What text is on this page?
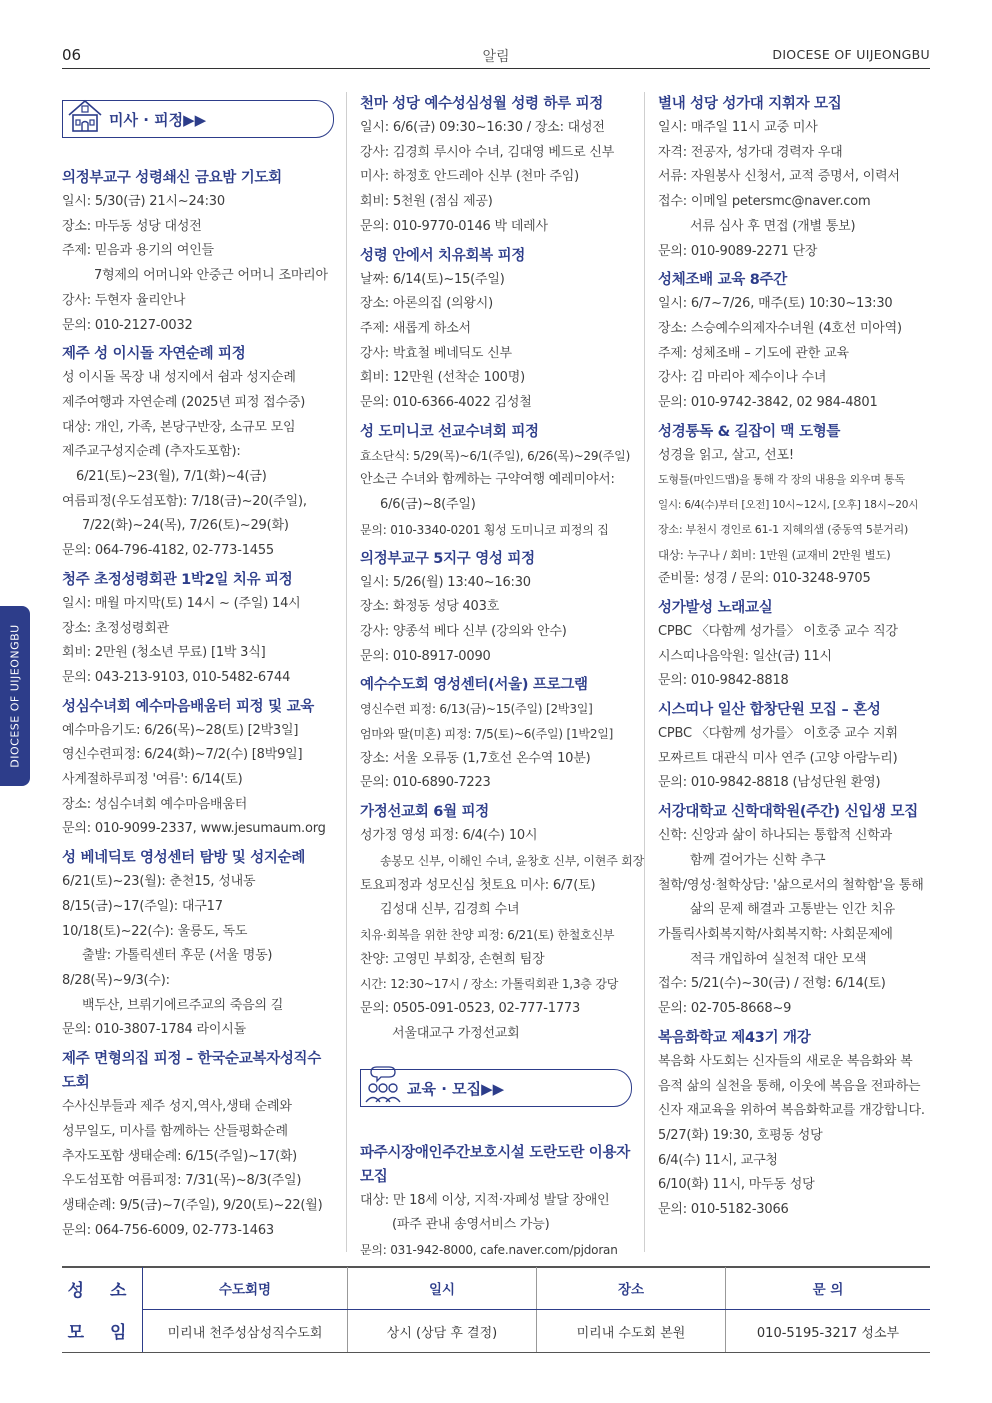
06	알림	DIOCESE OF UIJEONGBU
DIOCESE OF UIJEONGBU
미사 · 피정▶▶
의정부교구 성령쇄신 금요밤 기도회
일시: 5/30(금) 21시~24:30
장소: 마두동 성당 대성전
주제: 믿음과 용기의 여인들
7형제의 어머니와 안중근 어머니 조마리아
강사: 두현자 율리안나
문의: 010-2127-0032
제주 성 이시돌 자연순례 피정
성 이시돌 목장 내 성지에서 쉼과 성지순례
제주여행과 자연순례 (2025년 피정 접수중)
대상: 개인, 가족, 본당구반장, 소규모 모임
제주교구성지순례 (추자도포함):
6/21(토)~23(월), 7/1(화)~4(금)
여름피정(우도섬포함): 7/18(금)~20(주일),
7/22(화)~24(목), 7/26(토)~29(화)
문의: 064-796-4182, 02-773-1455
청주 초정성령회관 1박2일 치유 피정
일시: 매월 마지막(토) 14시 ~ (주일) 14시
장소: 초정성령회관
회비: 2만원 (청소년 무료) [1박 3식]
문의: 043-213-9103, 010-5482-6744
성심수녀회 예수마음배움터 피정 및 교육
예수마음기도: 6/26(목)~28(토) [2박3일]
영신수련피정: 6/24(화)~7/2(수) [8박9일]
사계절하루피정 '여름': 6/14(토)
장소: 성심수녀회 예수마음배움터
문의: 010-9099-2337, www.jesumaum.org
성 베네딕토 영성센터 탐방 및 성지순례
6/21(토)~23(월): 춘천15, 성내동
8/15(금)~17(주일): 대구17
10/18(토)~22(수): 울릉도, 독도
출발: 가톨릭센터 후문 (서울 명동)
8/28(목)~9/3(수):
백두산, 브뤼기에르주교의 죽음의 길
문의: 010-3807-1784 라이시돌
제주 면형의집 피정 – 한국순교복자성직수도회
수사신부들과 제주 성지,역사,생태 순례와
성무일도, 미사를 함께하는 산들평화순례
추자도포함 생태순례: 6/15(주일)~17(화)
우도섬포함 여름피정: 7/31(목)~8/3(주일)
생태순례: 9/5(금)~7(주일), 9/20(토)~22(월)
문의: 064-756-6009, 02-773-1463
천마 성당 예수성심성월 성령 하루 피정
일시: 6/6(금) 09:30~16:30 / 장소: 대성전
강사: 김경희 루시아 수녀, 김대영 베드로 신부
미사: 하정호 안드레아 신부 (천마 주임)
회비: 5천원 (점심 제공)
문의: 010-9770-0146 박 데레사
성령 안에서 치유회복 피정
날짜: 6/14(토)~15(주일)
장소: 아론의집 (의왕시)
주제: 새롭게 하소서
강사: 박효철 베네딕도 신부
회비: 12만원 (선착순 100명)
문의: 010-6366-4022 김성철
성 도미니코 선교수녀회 피정
효소단식: 5/29(목)~6/1(주일), 6/26(목)~29(주일)
안소근 수녀와 함께하는 구약여행 예레미야서:
6/6(금)~8(주일)
문의: 010-3340-0201 횡성 도미니코 피정의 집
의정부교구 5지구 영성 피정
일시: 5/26(월) 13:40~16:30
장소: 화정동 성당 403호
강사: 양종석 베다 신부 (강의와 안수)
문의: 010-8917-0090
예수수도회 영성센터(서울) 프로그램
영신수련 피정: 6/13(금)~15(주일) [2박3일]
엄마와 딸(미혼) 피정: 7/5(토)~6(주일) [1박2일]
장소: 서울 오류동 (1,7호선 온수역 10분)
문의: 010-6890-7223
가정선교회 6월 피정
성가정 영성 피정: 6/4(수) 10시
송봉모 신부, 이해인 수녀, 윤창호 신부, 이현주 회장
토요피정과 성모신심 첫토요 미사: 6/7(토)
김성대 신부, 김경희 수녀
치유·회복을 위한 찬양 피정: 6/21(토) 한철호신부
찬양: 고영민 부회장, 손현희 팀장
시간: 12:30~17시 / 장소: 가톨릭회관 1,3층 강당
문의: 0505-091-0523, 02-777-1773
서울대교구 가정선교회
교육 · 모집▶▶
파주시장애인주간보호시설 도란도란 이용자 모집
대상: 만 18세 이상, 지적·자폐성 발달 장애인
(파주 관내 송영서비스 가능)
문의: 031-942-8000, cafe.naver.com/pjdoran
별내 성당 성가대 지휘자 모집
일시: 매주일 11시 교중 미사
자격: 전공자, 성가대 경력자 우대
서류: 자원봉사 신청서, 교적 증명서, 이력서
접수: 이메일 petersmc@naver.com
서류 심사 후 면접 (개별 통보)
문의: 010-9089-2271 단장
성체조배 교육 8주간
일시: 6/7~7/26, 매주(토) 10:30~13:30
장소: 스승예수의제자수녀원 (4호선 미아역)
주제: 성체조배 – 기도에 관한 교육
강사: 김 마리아 제수이나 수녀
문의: 010-9742-3842, 02 984-4801
성경통독 & 길잡이 맥 도형틀
성경을 읽고, 살고, 선포!
도형틀(마인드맵)을 통해 각 장의 내용을 외우며 통독
일시: 6/4(수)부터 [오전] 10시~12시, [오후] 18시~20시
장소: 부천시 경인로 61-1 지혜의샘 (중동역 5분거리)
대상: 누구나 / 회비: 1만원 (교재비 2만원 별도)
준비물: 성경 / 문의: 010-3248-9705
성가발성 노래교실
CPBC 〈다함께 성가를〉 이호중 교수 직강
시스띠나음악원: 일산(금) 11시
문의: 010-9842-8818
시스띠나 일산 합창단원 모집 – 혼성
CPBC 〈다함께 성가를〉 이호중 교수 지휘
모짜르트 대관식 미사 연주 (고양 아람누리)
문의: 010-9842-8818 (남성단원 환영)
서강대학교 신학대학원(주간) 신입생 모집
신학: 신앙과 삶이 하나되는 통합적 신학과
함께 걸어가는 신학 추구
철학/영성·철학상담: '삶으로서의 철학함'을 통해
삶의 문제 해결과 고통받는 인간 치유
가톨릭사회복지학/사회복지학: 사회문제에
적극 개입하여 실천적 대안 모색
접수: 5/21(수)~30(금) / 전형: 6/14(토)
문의: 02-705-8668~9
복음화학교 제43기 개강
복음화 사도회는 신자들의 새로운 복음화와 복
음적 삶의 실천을 통해, 이웃에 복음을 전파하는
신자 재교육을 위하여 복음화학교를 개강합니다.
5/27(화) 19:30, 호평동 성당
6/4(수) 11시, 교구청
6/10(화) 11시, 마두동 성당
문의: 010-5182-3066
성 소	수도회명	일시	장소	문 의
모 임	미리내 천주성삼성직수도회	상시 (상담 후 결정)	미리내 수도회 본원	010-5195-3217 성소부
